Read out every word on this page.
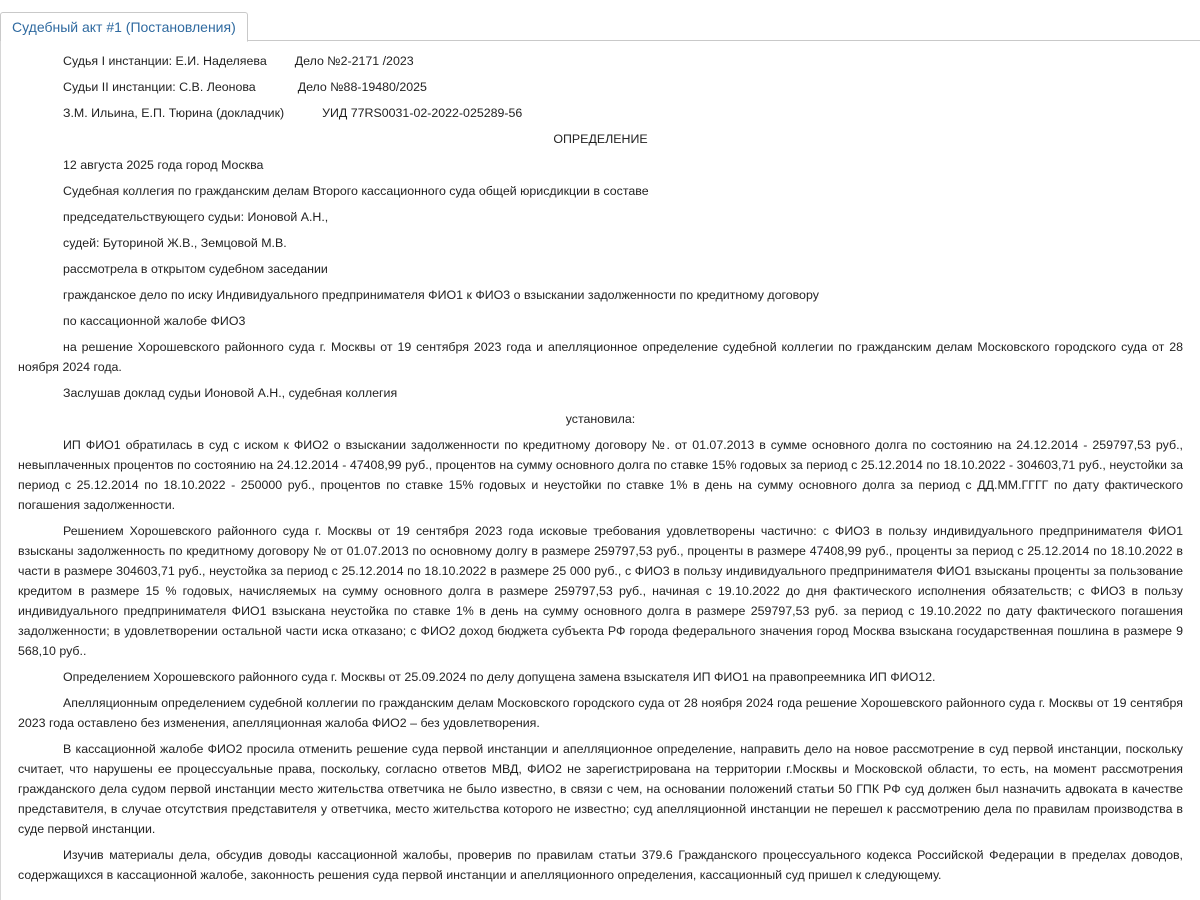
Судебный акт #1 (Постановления)

Судья I инстанции: Е.И. Наделяева Дело №2-2171 /2023

Судьи II инстанции: С.В. Леонова	Дело №88-19480/2025

З.М. Ильина, Е.П. Тюрина (докладчик)	УИД 77RS0031-02-2022-025289-56

ОПРЕДЕЛЕНИЕ

12 августа 2025 года город Москва

Судебная коллегия по гражданским делам Второго кассационного суда общей юрисдикции в составе

председательствующего судьи: Ионовой А.Н.,

судей: Буториной Ж.В., Земцовой М.В.

рассмотрела в открытом судебном заседании

гражданское дело по иску Индивидуального предпринимателя ФИО1 к ФИО3 о взыскании задолженности по кредитному договору

по кассационной жалобе ФИО3

на решение Хорошевского районного суда г. Москвы от 19 сентября 2023 года и апелляционное определение судебной коллегии по гражданским делам Московского городского суда от 28 ноября 2024 года.

Заслушав доклад судьи Ионовой А.Н., судебная коллегия

установила:

ИП ФИО1 обратилась в суд с иском к ФИО2 о взыскании задолженности по кредитному договору №. от 01.07.2013 в сумме основного долга по состоянию на 24.12.2014 - 259797,53 руб., невыплаченных процентов по состоянию на 24.12.2014 - 47408,99 руб., процентов на сумму основного долга по ставке 15% годовых за период с 25.12.2014 по 18.10.2022 - 304603,71 руб., неустойки за период с 25.12.2014 по 18.10.2022 - 250000 руб., процентов по ставке 15% годовых и неустойки по ставке 1% в день на сумму основного долга за период с ДД.ММ.ГГГГ по дату фактического погашения задолженности.

Решением Хорошевского районного суда г. Москвы от 19 сентября 2023 года исковые требования удовлетворены частично: с ФИО3 в пользу индивидуального предпринимателя ФИО1 взысканы задолженность по кредитному договору № от 01.07.2013 по основному долгу в размере 259797,53 руб., проценты в размере 47408,99 руб., проценты за период с 25.12.2014 по 18.10.2022 в части в размере 304603,71 руб., неустойка за период с 25.12.2014 по 18.10.2022 в размере 25 000 руб., с ФИО3 в пользу индивидуального предпринимателя ФИО1 взысканы проценты за пользование кредитом в размере 15 % годовых, начисляемых на сумму основного долга в размере 259797,53 руб., начиная с 19.10.2022 до дня фактического исполнения обязательств; с ФИО3 в пользу индивидуального предпринимателя ФИО1 взыскана неустойка по ставке 1% в день на сумму основного долга в размере 259797,53 руб. за период с 19.10.2022 по дату фактического погашения задолженности; в удовлетворении остальной части иска отказано; с ФИО2 доход бюджета субъекта РФ города федерального значения город Москва взыскана государственная пошлина в размере 9 568,10 руб..

Определением Хорошевского районного суда г. Москвы от 25.09.2024 по делу допущена замена взыскателя ИП ФИО1 на правопреемника ИП ФИО12.

Апелляционным определением судебной коллегии по гражданским делам Московского городского суда от 28 ноября 2024 года решение Хорошевского районного суда г. Москвы от 19 сентября 2023 года оставлено без изменения, апелляционная жалоба ФИО2 – без удовлетворения.

В кассационной жалобе ФИО2 просила отменить решение суда первой инстанции и апелляционное определение, направить дело на новое рассмотрение в суд первой инстанции, поскольку считает, что нарушены ее процессуальные права, поскольку, согласно ответов МВД, ФИО2 не зарегистрирована на территории г.Москвы и Московской области, то есть, на момент рассмотрения гражданского дела судом первой инстанции место жительства ответчика не было известно, в связи с чем, на основании положений статьи 50 ГПК РФ суд должен был назначить адвоката в качестве представителя, в случае отсутствия представителя у ответчика, место жительства которого не известно; суд апелляционной инстанции не перешел к рассмотрению дела по правилам производства в суде первой инстанции.

Изучив материалы дела, обсудив доводы кассационной жалобы, проверив по правилам статьи 379.6 Гражданского процессуального кодекса Российской Федерации в пределах доводов, содержащихся в кассационной жалобе, законность решения суда первой инстанции и апелляционного определения, кассационный суд пришел к следующему.
